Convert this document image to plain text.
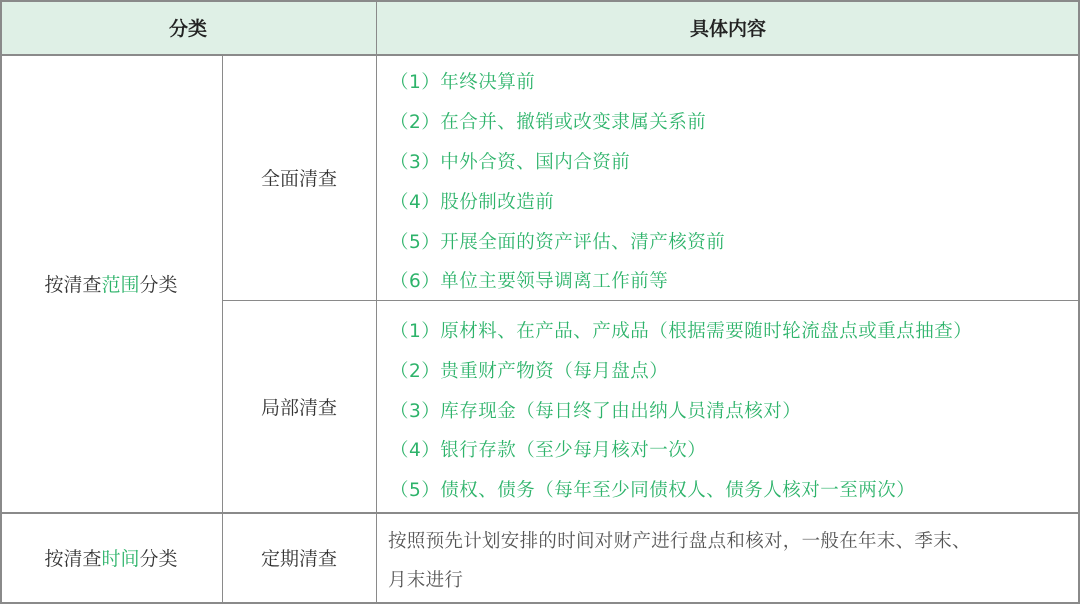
分类	具体内容
按清查 范围 分类
全面清查
（1）年终决算前
（2）在合并、撤销或改变隶属关系前
（3）中外合资、国内合资前
（4）股份制改造前
（5）开展全面的资产评估、清产核资前
（6）单位主要领导调离工作前等
局部清查
（1）原材料、在产品、产成品（根据需要随时轮流盘点或重点抽查）
（2）贵重财产物资（每月盘点）
（3）库存现金（每日终了由出纳人员清点核对）
（4）银行存款（至少每月核对一次）
（5）债权、债务（每年至少同债权人、债务人核对一至两次）
按清查 时间 分类	定期清查
按照预先计划安排的时间对财产进行盘点和核对，一般在年末、季末、
月末进行
